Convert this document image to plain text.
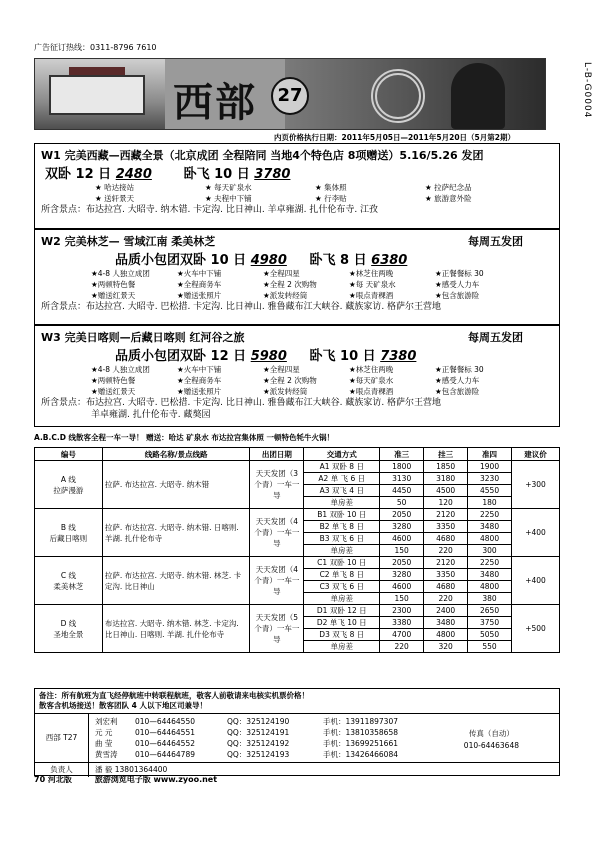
广告征订热线：0311-8796 7610
L-B-G0004
西部	27
内页价格执行日期：2011年5月05日—2011年5月20日（5月第2期）
W1 完美西藏—西藏全景（北京成团 全程陪同 当地4个特色店 8项赠送）5.16/5.26 发团
双卧 12 日 2480 卧飞 10 日 3780
★ 哈达接站	★ 每天矿泉水	★ 集体照	★ 拉萨纪念品
★ 送轩景天	★ 夫程中下铺	★ 行李贴	★ 旅游意外险
所含景点：布达拉宫. 大昭寺. 纳木错. 卡定沟. 比日神山. 羊卓雍湖. 扎什伦布寺. 江孜
W2 完美林芝— 雪域江南 柔美林芝	每周五发团
品质小包团双卧 10 日 4980 卧飞 8 日 6380
★4-8 人独立成团	★火车中下铺	★全程四星	★林芝住两晚	★正餐餐标 30
★两顿特色餐	★全程商务车	★全程 2 次购物	★每 天矿泉水	★感受人力车
★赠送红景天	★赠送张照片	★派发转经筒	★哏点青稞酒	★包含旅游险
所含景点：布达拉宫. 大昭寺. 巴松措. 卡定沟. 比日神山. 雅鲁藏布江大峡谷. 藏族家访. 格萨尔王营地
W3 完美日喀则—后藏日喀则 红河谷之旅	每周五发团
品质小包团双卧 12 日 5980 卧飞 10 日 7380
★4-8 人独立成团	★火车中下铺	★全程四星	★林芝住两晚	★正餐餐标 30
★两顿特色餐	★全程商务车	★全程 2 次购物	★每天矿泉水	★感受人力车
★赠送红景天	★赠送张照片	★派发转经筒	★哏点青稞酒	★包含旅游险
所含景点：布达拉宫. 大昭寺. 巴松措. 卡定沟. 比日神山. 雅鲁藏布江大峡谷. 藏族家访. 格萨尔王营地
羊卓雍湖. 扎什伦布寺. 藏獒园
A.B.C.D 线散客全程一车一导！ 赠送：哈达 矿泉水 布达拉宫集体照 一顿特色牦牛火锅！
编号	线路名称/景点线路	出团日期	交通方式	准三	挂三	准四	建议价
A 线
拉萨漫游	拉萨. 布达拉宫. 大昭寺. 纳木错	天天发团（3 个青）一车一导	A1 双卧 8 日	1800	1850	1900	+300
			A2 单 飞 6 日	3130	3180	3230	
			A3 双飞 4 日	4450	4500	4550	
			单房差	50	120	180	
B 线
后藏日喀则	拉萨. 布达拉宫. 大昭寺. 纳木错. 日喀则. 羊湖. 扎什伦布寺	天天发团（4 个青）一车一导	B1 双卧 10 日	2050	2120	2250	+400
			B2 单飞 8 日	3280	3350	3480	
			B3 双飞 6 日	4600	4680	4800	
			单房差	150	220	300	
C 线
柔美林芝	拉萨. 布达拉宫. 大昭寺. 纳木错. 林芝. 卡定沟. 比日神山	天天发团（4 个青）一车一导	C1 双卧 10 日	2050	2120	2250	+400
			C2 单飞 8 日	3280	3350	3480	
			C3 双飞 6 日	4600	4680	4800	
			单房差	150	220	380	
D 线
圣地全景	布达拉宫. 大昭寺. 纳木错. 林芝. 卡定沟. 比日神山. 日喀则. 羊湖. 扎什伦布寺	天天发团（5 个青）一车一导	D1 双卧 12 日	2300	2400	2650	+500
			D2 单飞 10 日	3380	3480	3750	
			D3 双飞 8 日	4700	4800	5050	
			单房差	220	320	550	
备注：所有航班为直飞经停航班中转联程航班，敬客人前敬请来电核实机票价格！
散客含机场接送！散客团队 4 人以下地区司兼导！
西部 T27
刘宏利 010—64464550	QQ：325124190	手机：13911897307
元 元	010—64464551	QQ：325124191	手机：13810358658
曲 莹	010—64464552	QQ：325124192	手机：13699251661
黄雪涛 010—64464789	QQ：325124193	手机：13426466084
传真（自动）
010-64463648
负责人	潘 毅 13801364400
70 河北版	旅游浏览电子版 www.zyoo.net
